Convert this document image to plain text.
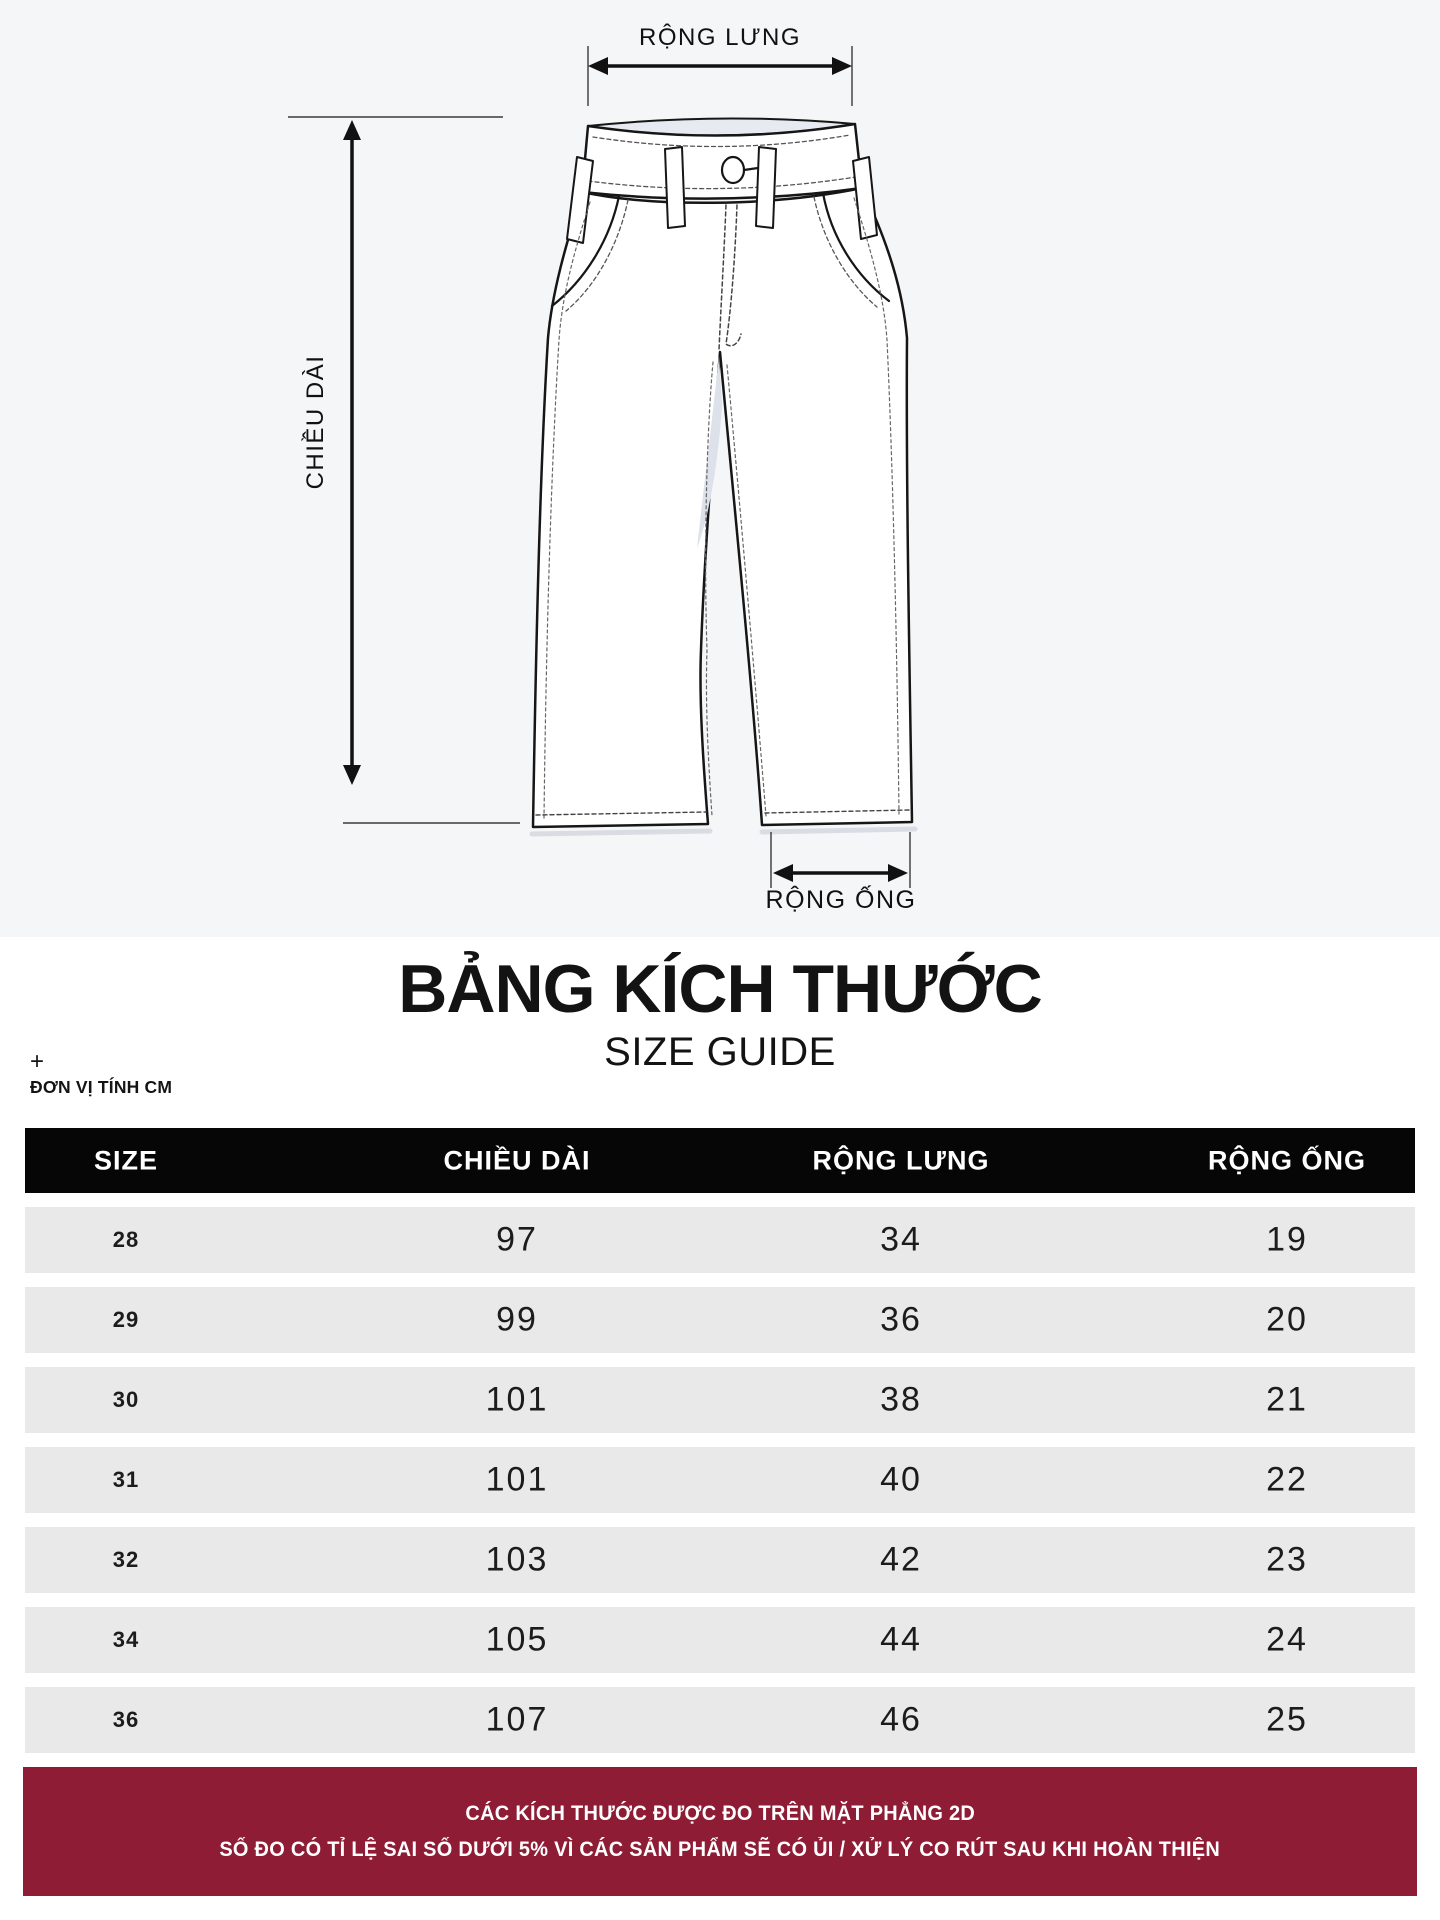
RỘNG LƯNG
CHIỀU DÀI
RỘNG ỐNG
BẢNG KÍCH THƯỚC
SIZE GUIDE
+
ĐƠN VỊ TÍNH CM
SIZE	CHIỀU DÀI	RỘNG LƯNG	RỘNG ỐNG
28	97	34	19
29	99	36	20
30	101	38	21
31	101	40	22
32	103	42	23
34	105	44	24
36	107	46	25
CÁC KÍCH THƯỚC ĐƯỢC ĐO TRÊN MẶT PHẲNG 2D
SỐ ĐO CÓ TỈ LỆ SAI SỐ DƯỚI 5% VÌ CÁC SẢN PHẨM SẼ CÓ ỦI / XỬ LÝ CO RÚT SAU KHI HOÀN THIỆN
